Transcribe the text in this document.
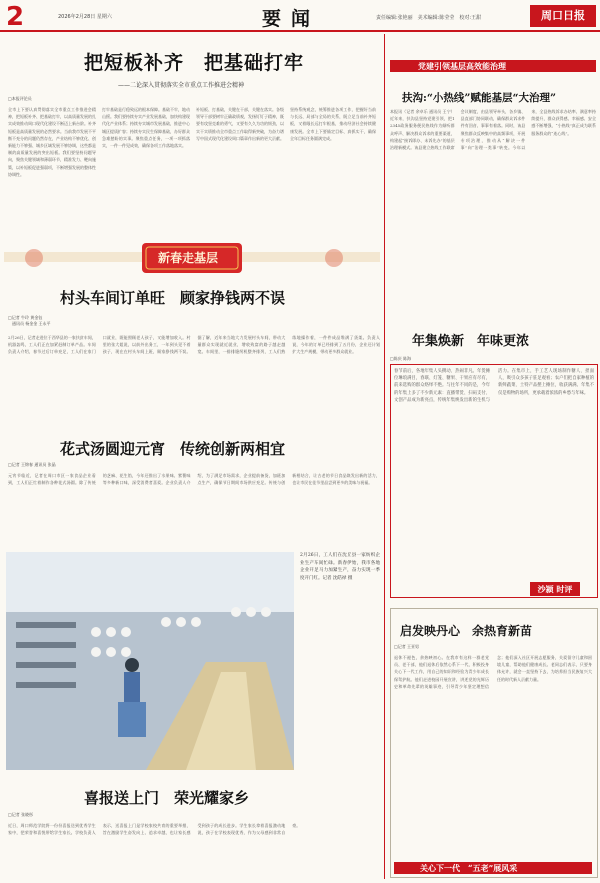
2	2026年2月28日 星期六	要闻	责任编辑:张艳丽　美术编辑:陈莹莹　校对:王甜	周口日报
把短板补齐　把基础打牢
——二论深入贯彻落实全市重点工作推进会精神
□本报评论员
全市上下要认真贯彻落实全市重点工作推进会精神，把短板补齐、把基础打牢，以高质量发展的扎实成效推动周口现代化建设不断迈上新台阶。补齐短板是高质量发展的必然要求。当前我市发展不平衡不充分的问题仍然存在，产业结构不够优化、创新能力不够强、城乡区域发展不够协调，这些都是制约高质量发展的突出短板。我们要坚持问题导向，聚焦关键领域和薄弱环节，精准发力、靶向施策，以补短板促进强弱项，不断增强发展的整体性协调性。
打牢基础是行稳致远的根本保障。基础不牢，地动山摇。我们要持续夯实产业发展基础，加快构建现代化产业体系；持续夯实城市发展基础，推进中心城区提质扩容；持续夯实民生保障基础，办好群众急难愁盼的实事。聚焦重点任务，一项一项抓落实，一件一件见成效，确保各项工作落地落实。
补短板、打基础，关键在干部，关键在落实。各级领导干部要树牢正确政绩观，发扬钉钉子精神，既要有攻坚克难的勇气，又要有久久为功的韧劲，以实干实绩推动全市重点工作取得新突破，为奋力谱写中国式现代化建设周口篇章作出新的更大贡献。
坚持系统观念，统筹推进各项工作，把握好当前与长远、局部与全局的关系，既立足当前补齐短板，又着眼长远打牢根基，推动经济社会持续健康发展。全市上下要锚定目标、真抓实干，确保全年目标任务圆满完成。
新春走基层
村头车间订单旺　顾家挣钱两不误
□记者 牛玲 黄金钰
　通讯员 杨金金 王永平
2月26日，记者走进位于西华县的一家扶贫车间，机器轰鸣，工人们正在加紧赶制订单产品。车间负责人介绍，春节过后订单充足，工人们在家门口就业，既能照顾老人孩子，又能增加收入。村里的张大姐说，以前外出务工，一年到头见不着孩子，现在在村头车间上班，顾家挣钱两不误。据了解，近年来当地大力发展村头车间，带动大量群众实现就近就业，增收致富的路子越走越宽。车间里，一排排缝纫机整齐排列，工人们熟练地操作着，一件件成品堆满了货架。负责人说，今年的订单已经排到了五月份，企业还计划扩大生产规模，带动更多群众就业。
花式汤圆迎元宵　传统创新两相宜
□记者 王锦春 通讯员 张晶
元宵节临近，记者在周口市区一家食品企业看到，工人们正忙着制作各种花式汤圆。除了传统的芝麻、花生馅，今年还推出了水果味、紫薯味等多种新口味，深受消费者喜爱。企业负责人介绍，为了满足市场需求，企业提前备货，加班加点生产，确保节日期间市场供应充足。传统与创新相结合，让古老的节日食品焕发出新的活力，也让市民在佳节里品尝到更多的美味与祝福。
2月26日，工人们在沈丘县一家纺织企业生产车间忙碌。新春伊始，我市各地企业开足马力加紧生产，奋力实现一季度开门红。记者 沈皓禄 摄
喜报送上门　荣光耀家乡
□记者 张晓彤
近日，周口师范学院将一份份喜报送到优秀学生家中，把荣誉和喜悦带给学生家长。学校负责人表示，送喜报上门是学校家校共育的重要举措，旨在激励学生奋发向上、追求卓越，也让家长感受到孩子的成长进步。学生家长拿着喜报激动地说，孩子在学校表现优秀，作为父母感到非常自豪。
党建引领基层高效能治理
扶沟:“小热线”赋能基层“大治理”
本报讯（记者 余卓乐 通讯员 王宁）近年来，扶沟县坚持党建引领，把12345政务服务便民热线作为倾听群众呼声、解决群众诉求的重要渠道，构建起“接诉即办、未诉先办”的基层治理新模式。该县建立热线工作联席会议制度，由县领导牵头，各乡镇、县直部门协同联动，确保群众诉求件件有回音、事事有着落。同时，该县聚焦群众反映集中的高频事项，开展专项治理，推动从“解决一件事”向“治理一类事”转变。今年以来，全县热线诉求办结率、满意率持续提升，群众获得感、幸福感、安全感不断增强，“小热线”真正成为联系服务群众的“连心线”。
年集焕新　年味更浓
□陈庆 陈海
春节前后，各地年集人头攒动、热闹非凡。年货摊位琳琅满目，春联、灯笼、糖果、干果应有尽有，前来选购的群众络绎不绝。与往年不同的是，今年的年集上多了不少新元素：直播带货、扫码支付、文创产品成为新亮点，传统年集焕发出新的生机与活力。在集市上，手工艺人现场制作糖人、捏面人，吸引众多孩子驻足观看；农户们把自家种植的新鲜蔬菜、土特产品摆上摊位，收获满满。年集不仅是购物的场所，更承载着浓浓的乡愁与年味。
沙颍 时评
启发映丹心　余热育新苗
□记者 王亚男
退休不褪色，余热映初心。在我市有这样一群老党员、老干部，他们退休后依然心系下一代，积极投身关心下一代工作，用自己的知识和经验为青少年成长保驾护航。他们走进校园开展宣讲，讲述党的光辉历史和革命先辈的英雄事迹，引导青少年坚定理想信念；他们深入社区开展志愿服务，关爱留守儿童和困境儿童，帮助他们健康成长。老同志们表示，只要身体允许，就会一直坚持下去，为培养担当民族复兴大任的时代新人贡献力量。
关心下一代　“五老”展风采
